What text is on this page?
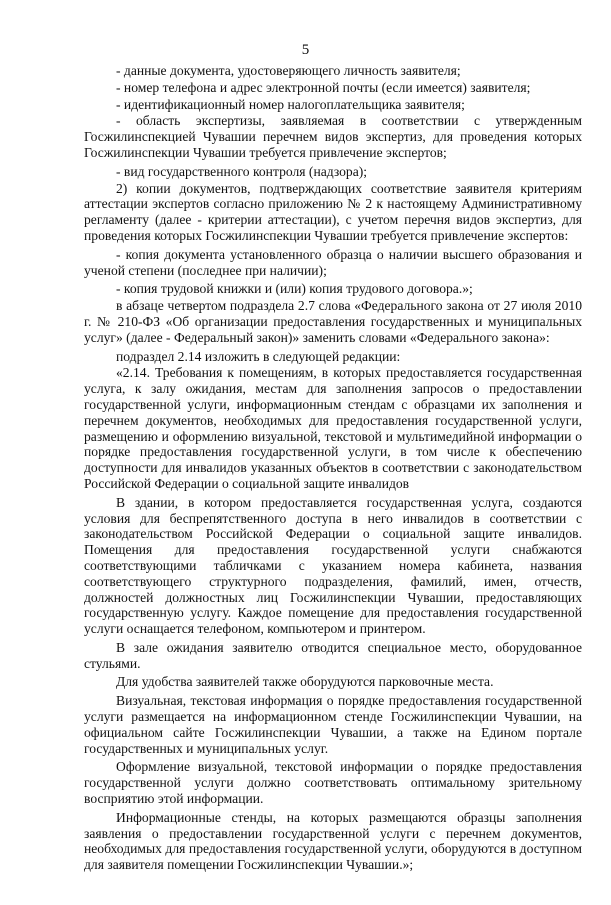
5

- данные документа, удостоверяющего личность заявителя;

- номер телефона и адрес электронной почты (если имеется) заявителя;

- идентификационный номер налогоплательщика заявителя;

- область экспертизы, заявляемая в соответствии с утвержденным Госжилинспекцией Чувашии перечнем видов экспертиз, для проведения которых Госжилинспекции Чувашии требуется привлечение экспертов;

- вид государственного контроля (надзора);

2) копии документов, подтверждающих соответствие заявителя критериям аттестации экспертов согласно приложению № 2 к настоящему Административному регламенту (далее - критерии аттестации), с учетом перечня видов экспертиз, для проведения которых Госжилинспекции Чувашии требуется привлечение экспертов:

- копия документа установленного образца о наличии высшего образования и ученой степени (последнее при наличии);

- копия трудовой книжки и (или) копия трудового договора.»;

в абзаце четвертом подраздела 2.7 слова «Федерального закона от 27 июля 2010 г. № 210-ФЗ «Об организации предоставления государственных и муниципальных услуг» (далее - Федеральный закон)» заменить словами «Федерального закона»:

подраздел 2.14 изложить в следующей редакции:

«2.14. Требования к помещениям, в которых предоставляется государственная услуга, к залу ожидания, местам для заполнения запросов о предоставлении государственной услуги, информационным стендам с образцами их заполнения и перечнем документов, необходимых для предоставления государственной услуги, размещению и оформлению визуальной, текстовой и мультимедийной информации о порядке предоставления государственной услуги, в том числе к обеспечению доступности для инвалидов указанных объектов в соответствии с законодательством Российской Федерации о социальной защите инвалидов

В здании, в котором предоставляется государственная услуга, создаются условия для беспрепятственного доступа в него инвалидов в соответствии с законодательством Российской Федерации о социальной защите инвалидов. Помещения для предоставления государственной услуги снабжаются соответствующими табличками с указанием номера кабинета, названия соответствующего структурного подразделения, фамилий, имен, отчеств, должностей должностных лиц Госжилинспекции Чувашии, предоставляющих государственную услугу. Каждое помещение для предоставления государственной услуги оснащается телефоном, компьютером и принтером.

В зале ожидания заявителю отводится специальное место, оборудованное стульями.

Для удобства заявителей также оборудуются парковочные места.

Визуальная, текстовая информация о порядке предоставления государственной услуги размещается на информационном стенде Госжилинспекции Чувашии, на официальном сайте Госжилинспекции Чувашии, а также на Едином портале государственных и муниципальных услуг.

Оформление визуальной, текстовой информации о порядке предоставления государственной услуги должно соответствовать оптимальному зрительному восприятию этой информации.

Информационные стенды, на которых размещаются образцы заполнения заявления о предоставлении государственной услуги с перечнем документов, необходимых для предоставления государственной услуги, оборудуются в доступном для заявителя помещении Госжилинспекции Чувашии.»;
